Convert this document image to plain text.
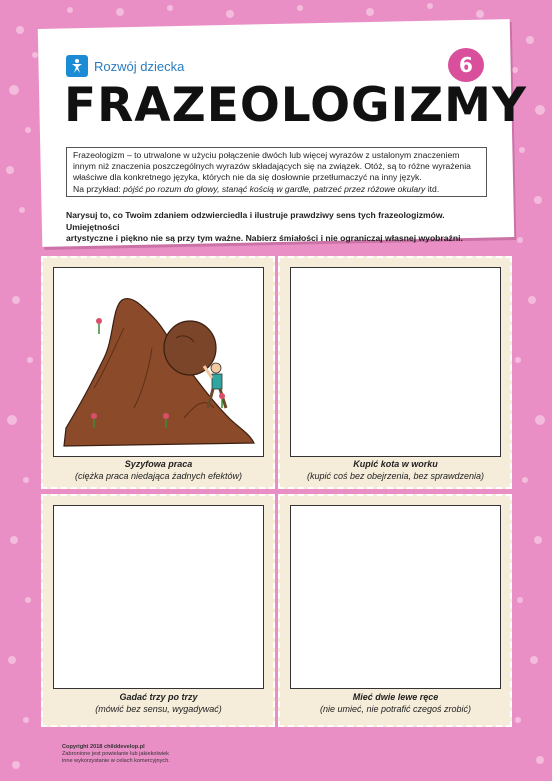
Rozwój dziecka	6
FRAZEOLOGIZMY
Frazeologizm – to utrwalone w użyciu połączenie dwóch lub więcej wyrazów z ustalonym znaczeniem
innym niż znaczenia poszczególnych wyrazów składających się na związek. Otóż, są to różne wyrażenia
właściwe dla konkretnego języka, których nie da się dosłownie przetłumaczyć na inny język.
Na przykład: pójść po rozum do głowy, stanąć kością w gardle, patrzeć przez różowe okulary itd.
Narysuj to, co Twoim zdaniem odzwierciedla i ilustruje prawdziwy sens tych frazeologizmów. Umiejętności
artystyczne i piękno nie są przy tym ważne. Nabierz śmiałości i nie ograniczaj własnej wyobraźni.
Syzyfowa praca
(ciężka praca niedająca żadnych efektów)
Kupić kota w worku
(kupić coś bez obejrzenia, bez sprawdzenia)
Gadać trzy po trzy
(mówić bez sensu, wygadywać)
Mieć dwie lewe ręce
(nie umieć, nie potrafić czegoś zrobić)
Copyright 2018 childdevelop.pl
Zabronione jest powielanie lub jakiekolwiek
inne wykorzystanie w celach komercyjnych.
